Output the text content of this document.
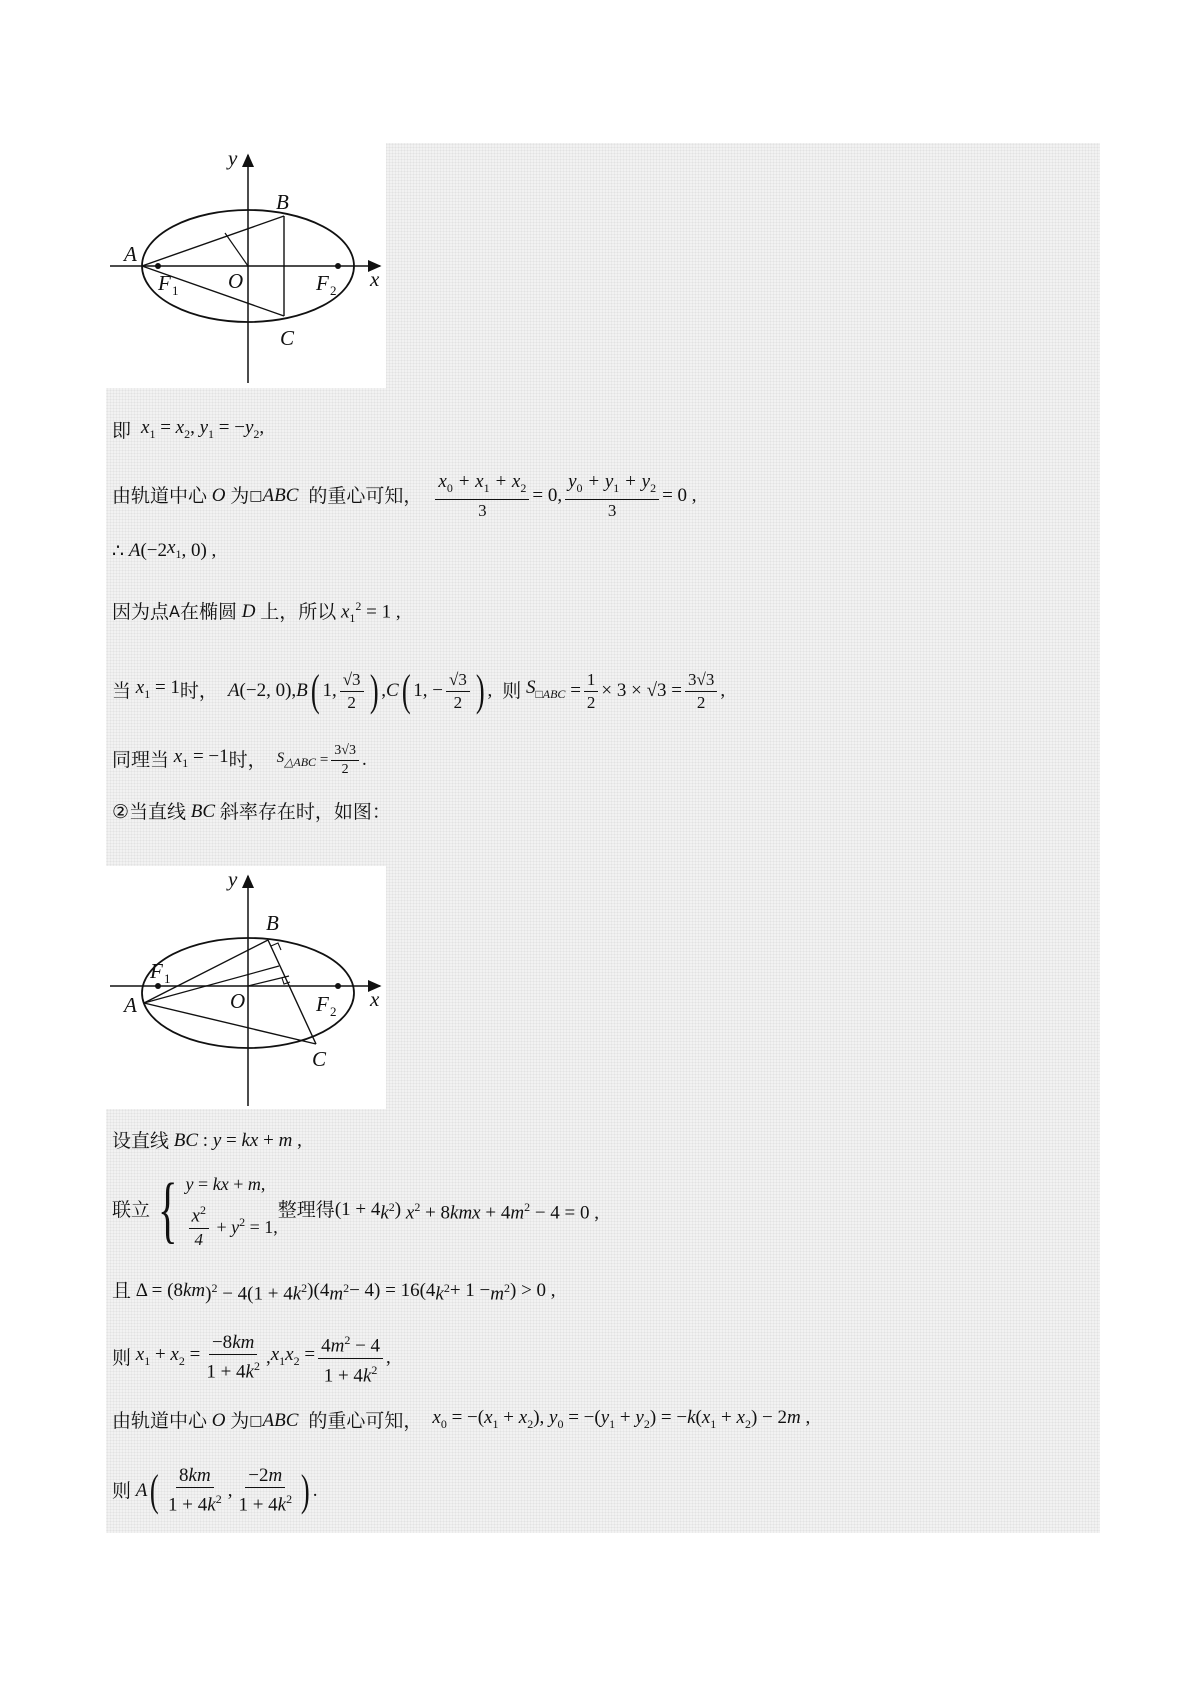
y
B
A
F 1 O	F 2 x
C
即 $x_1 = x_2$, $y_1 = -y_2$,
由轨道中心 O 为 □ ABC 的重心可知， $\frac{x_0 + x_1 + x_2}{3} = 0$, $\frac{y_0 + y_1 + y_2}{3} = 0$ ,
∴ A (−2 $x_1$ , 0) ,
因为点 A 在椭圆 D 上，所以 $x_1^2 = 1$ ,
当 $x_1 = 1$ 时， A (−2, 0), B ( 1, $\frac{√3}{2}$ ) , C ( 1, − $\frac{√3}{2}$ ) , 则 $S_{□ABC} = \frac{1}{2} \times 3 \times √3 = \frac{3√3}{2}$ ,
同理当 $x_1 = -1$ 时， $S_{\triangle ABC} = \frac{3√3}{2}$ .
②当直线 BC 斜率存在时，如图：
y
B
F 1
A	O	F 2
x
C
设直线 BC : y = kx + m ,
联立 { y = kx + m,
$\frac{x^2}{4} + y^2 = 1$,
整理得 (1 + 4 $k^2$ ) $x^2 + 8kmx + 4m^2 - 4 = 0$ ,
且 Δ = (8 km )$^2$ − 4(1 + 4 $k^2$ )(4 $m^2 - 4) = 16(4$ $k^2 + 1 - m^2$ ) > 0 ,
则 $x_1 + x_2 = \frac{-8km}{1 + 4k^2}$ , $x_1x_2 = \frac{4m^2 - 4}{1 + 4k^2}$ ,
由轨道中心 O 为 □ ABC 的重心可知， $x_0 = -(x_1 + x_2)$, $y_0 = -(y_1 + y_2) = -k(x_1 + x_2) - 2m$ ,
则 A ( $\frac{8km}{1 + 4k^2}$ , $\frac{-2m}{1 + 4k^2}$ ) .
